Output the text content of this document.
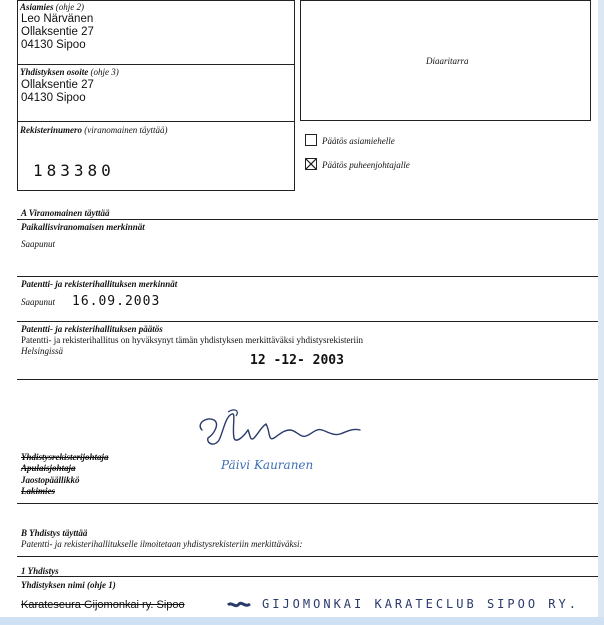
Asiamies (ohje 2)
Leo Närvänen
Ollaksentie 27
04130 Sipoo
Yhdistyksen osoite (ohje 3)
Ollaksentie 27
04130 Sipoo
Rekisterinumero (viranomainen täyttää)
183380
Diaaritarra
Päätös asiamiehelle
Päätös puheenjohtajalle
A Viranomainen täyttää
Paikallisviranomaisen merkinnät
Saapunut
Patentti- ja rekisterihallituksen merkinnät
Saapunut 16.09.2003
Patentti- ja rekisterihallituksen päätös
Patentti- ja rekisterihallitus on hyväksynyt tämän yhdistyksen merkittäväksi yhdistysrekisteriin
Helsingissä
12 -12- 2003
Päivi Kauranen
Yhdistysrekisterijohtaja
Apulaisjohtaja
Jaostopäällikkö
Lakimies
B Yhdistys täyttää
Patentti- ja rekisterihallitukselle ilmoitetaan yhdistysrekisteriin merkittäväksi:
1 Yhdistys
Yhdistyksen nimi (ohje 1)
Karateseura Gijomonkai ry. Sipoo	GIJOMONKAI KARATECLUB SIPOO RY.
